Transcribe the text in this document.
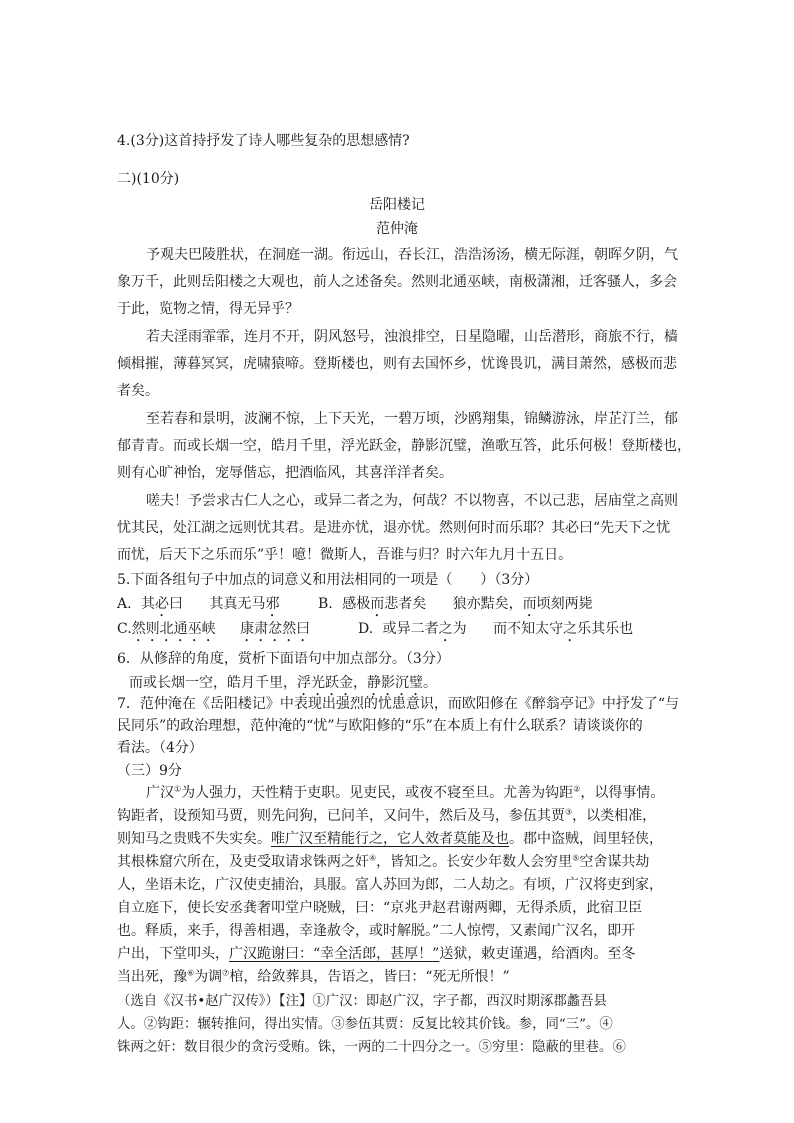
4.(3分)这首持抒发了诗人哪些复杂的思想感情?
二)(10分)
岳阳楼记
范仲淹
予观夫巴陵胜状，在洞庭一湖。衔远山，吞长江，浩浩汤汤，横无际涯，朝晖夕阴，气
象万千，此则岳阳楼之大观也，前人之述备矣。然则北通巫峡，南极潇湘，迁客骚人，多会
于此，览物之情，得无异乎？
若夫淫雨霏霏，连月不开，阴风怒号，浊浪排空，日星隐曜，山岳潜形，商旅不行，樯
倾楫摧，薄暮冥冥，虎啸猿啼。登斯楼也，则有去国怀乡，忧谗畏讥，满目萧然，感极而悲
者矣。
至若春和景明，波澜不惊，上下天光，一碧万顷，沙鸥翔集，锦鳞游泳，岸芷汀兰，郁
郁青青。而或长烟一空，皓月千里，浮光跃金，静影沉璧，渔歌互答，此乐何极！登斯楼也，
则有心旷神怡，宠辱偕忘，把酒临风，其喜洋洋者矣。
嗟夫！予尝求古仁人之心，或异二者之为，何哉？不以物喜，不以己悲，居庙堂之高则
忧其民，处江湖之远则忧其君。是进亦忧，退亦忧。然则何时而乐耶？其必曰“先天下之忧
而忧，后天下之乐而乐”乎！噫！微斯人，吾谁与归？时六年九月十五日。
5.下面各组句子中加点的词意义和用法相同的一项是（　　）（3分）
A. 其必曰 其真无马邪	B. 感极而悲者矣 狼亦黠矣，而顷刻两毙
C.然则北通巫峡 康肃忿然曰	D. 或异二者之为 而不知太守之乐其乐也
6．从修辞的角度，赏析下面语句中加点部分。（3分）
而或长烟一空，皓月千里，浮光跃金，静影沉璧。
7．范仲淹在《岳阳楼记》中表现出强烈的忧患意识，而欧阳修在《醉翁亭记》中抒发了“与
民同乐”的政治理想，范仲淹的“忧”与欧阳修的“乐”在本质上有什么联系？请谈谈你的
看法。（4分）
（三）9分
广汉①为人强力，天性精于吏职。见吏民，或夜不寝至旦。尤善为钩距②，以得事情。
钩距者，设预知马贾，则先问狗，已问羊，又问牛，然后及马，参伍其贾③，以类相准，
则知马之贵贱不失实矣。唯广汉至精能行之，它人效者莫能及也。郡中盗贼，闾里轻侠，
其根株窟穴所在，及吏受取请求铢两之奸④，皆知之。长安少年数人会穷里⑤空舍谋共劫
人，坐语未讫，广汉使吏捕治，具服。富人苏回为郎，二人劫之。有顷，广汉将吏到家，
自立庭下，使长安丞龚奢叩堂户晓贼，曰：“京兆尹赵君谢两卿，无得杀质，此宿卫臣
也。释质，来手，得善相遇，幸逢赦令，或时解脱。”二人惊愕，又素闻广汉名，即开
户出，下堂叩头，广汉跪谢曰：“幸全活郎，甚厚！”送狱，敕吏谨遇，给酒肉。至冬
当出死，豫⑥为调⑦棺，给敛葬具，告语之，皆曰：“死无所恨！”
（选自《汉书•赵广汉传》）【注】①广汉：即赵广汉，字子都，西汉时期涿郡蠡吾县
人。②钩距：辗转推问，得出实情。③参伍其贾：反复比较其价钱。参，同“三”。④
铢两之奸：数目很少的贪污受贿。铢，一两的二十四分之一。⑤穷里：隐蔽的里巷。⑥
